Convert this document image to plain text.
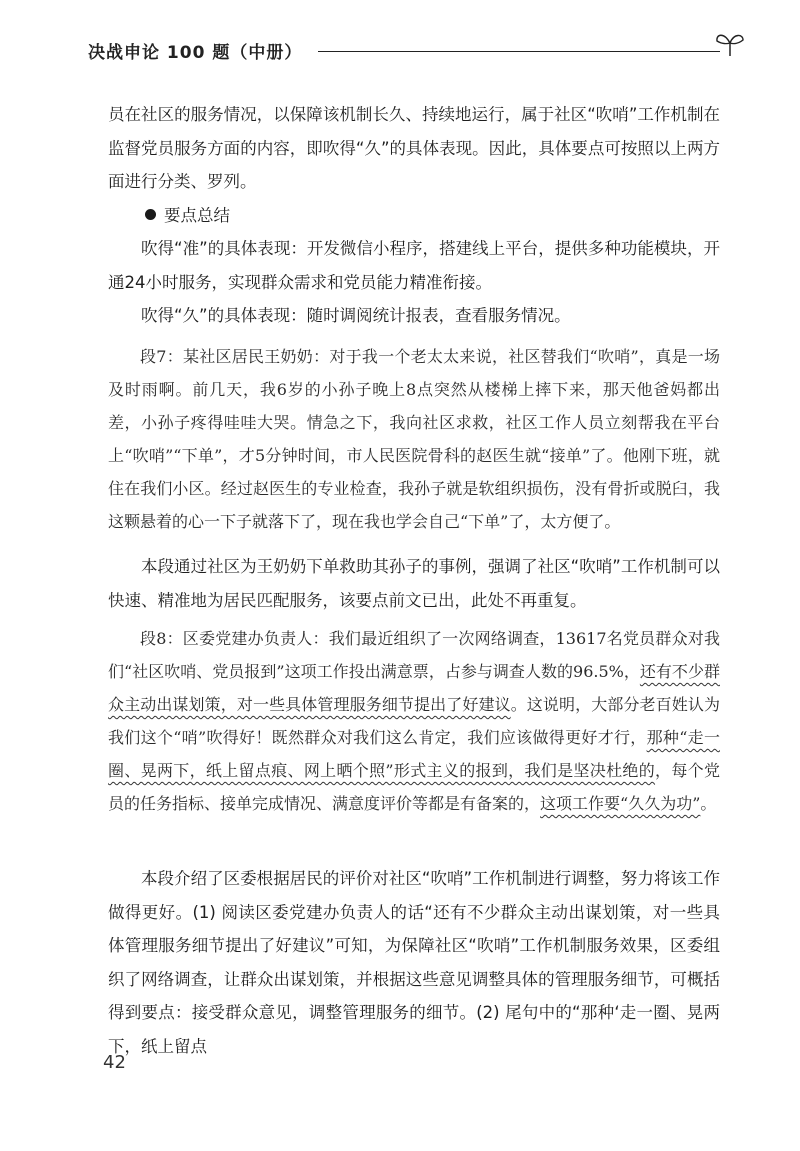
决战申论 100 题（中册）

员在社区的服务情况，以保障该机制长久、持续地运行，属于社区“吹哨”工作机制在监督党员服务方面的内容，即吹得“久”的具体表现。因此，具体要点可按照以上两方面进行分类、罗列。

要点总结

吹得“准”的具体表现：开发微信小程序，搭建线上平台，提供多种功能模块，开通24小时服务，实现群众需求和党员能力精准衔接。

吹得“久”的具体表现：随时调阅统计报表，查看服务情况。

段7：某社区居民王奶奶：对于我一个老太太来说，社区替我们“吹哨”，真是一场及时雨啊。前几天，我6岁的小孙子晚上8点突然从楼梯上摔下来，那天他爸妈都出差，小孙子疼得哇哇大哭。情急之下，我向社区求救，社区工作人员立刻帮我在平台上“吹哨”“下单”，才5分钟时间，市人民医院骨科的赵医生就“接单”了。他刚下班，就住在我们小区。经过赵医生的专业检查，我孙子就是软组织损伤，没有骨折或脱臼，我这颗悬着的心一下子就落下了，现在我也学会自己“下单”了，太方便了。

本段通过社区为王奶奶下单救助其孙子的事例，强调了社区“吹哨”工作机制可以快速、精准地为居民匹配服务，该要点前文已出，此处不再重复。

段8：区委党建办负责人：我们最近组织了一次网络调查，13617名党员群众对我们“社区吹哨、党员报到”这项工作投出满意票，占参与调查人数的96.5%，还有不少群众主动出谋划策，对一些具体管理服务细节提出了好建议。这说明，大部分老百姓认为我们这个“哨”吹得好！既然群众对我们这么肯定，我们应该做得更好才行，那种“走一圈、晃两下，纸上留点痕、网上晒个照”形式主义的报到，我们是坚决杜绝的，每个党员的任务指标、接单完成情况、满意度评价等都是有备案的，这项工作要“久久为功”。

本段介绍了区委根据居民的评价对社区“吹哨”工作机制进行调整，努力将该工作做得更好。(1) 阅读区委党建办负责人的话“还有不少群众主动出谋划策，对一些具体管理服务细节提出了好建议”可知，为保障社区“吹哨”工作机制服务效果，区委组织了网络调查，让群众出谋划策，并根据这些意见调整具体的管理服务细节，可概括得到要点：接受群众意见，调整管理服务的细节。(2) 尾句中的“那种‘走一圈、晃两下，纸上留点

42
